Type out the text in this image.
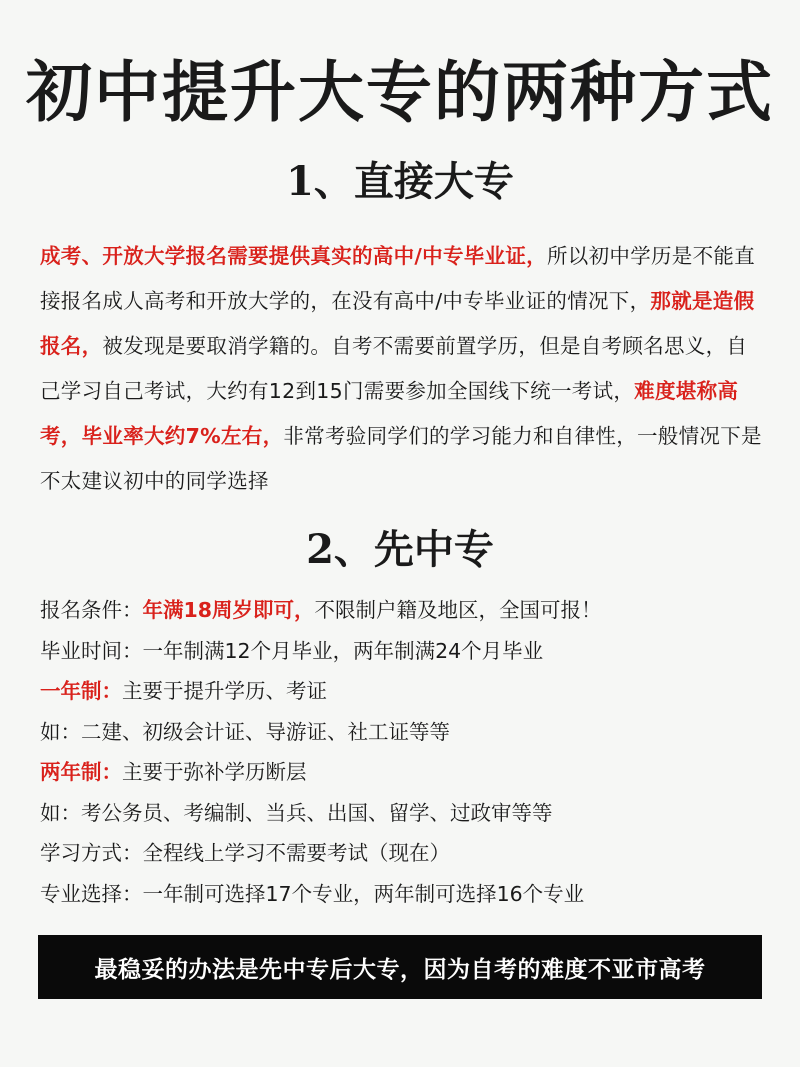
初中提升大专的两种方式
1、直接大专
成考、开放大学报名需要提供真实的高中/中专毕业证，所以初中学历是不能直接报名成人高考和开放大学的，在没有高中/中专毕业证的情况下，那就是造假报名，被发现是要取消学籍的。自考不需要前置学历，但是自考顾名思义，自己学习自己考试，大约有12到15门需要参加全国线下统一考试，难度堪称高考，毕业率大约7%左右，非常考验同学们的学习能力和自律性，一般情况下是不太建议初中的同学选择
2、先中专
报名条件：年满18周岁即可，不限制户籍及地区，全国可报！
毕业时间：一年制满12个月毕业，两年制满24个月毕业
一年制：主要于提升学历、考证
如：二建、初级会计证、导游证、社工证等等
两年制：主要于弥补学历断层
如：考公务员、考编制、当兵、出国、留学、过政审等等
学习方式：全程线上学习不需要考试（现在）
专业选择：一年制可选择17个专业，两年制可选择16个专业
最稳妥的办法是先中专后大专，因为自考的难度不亚市高考
